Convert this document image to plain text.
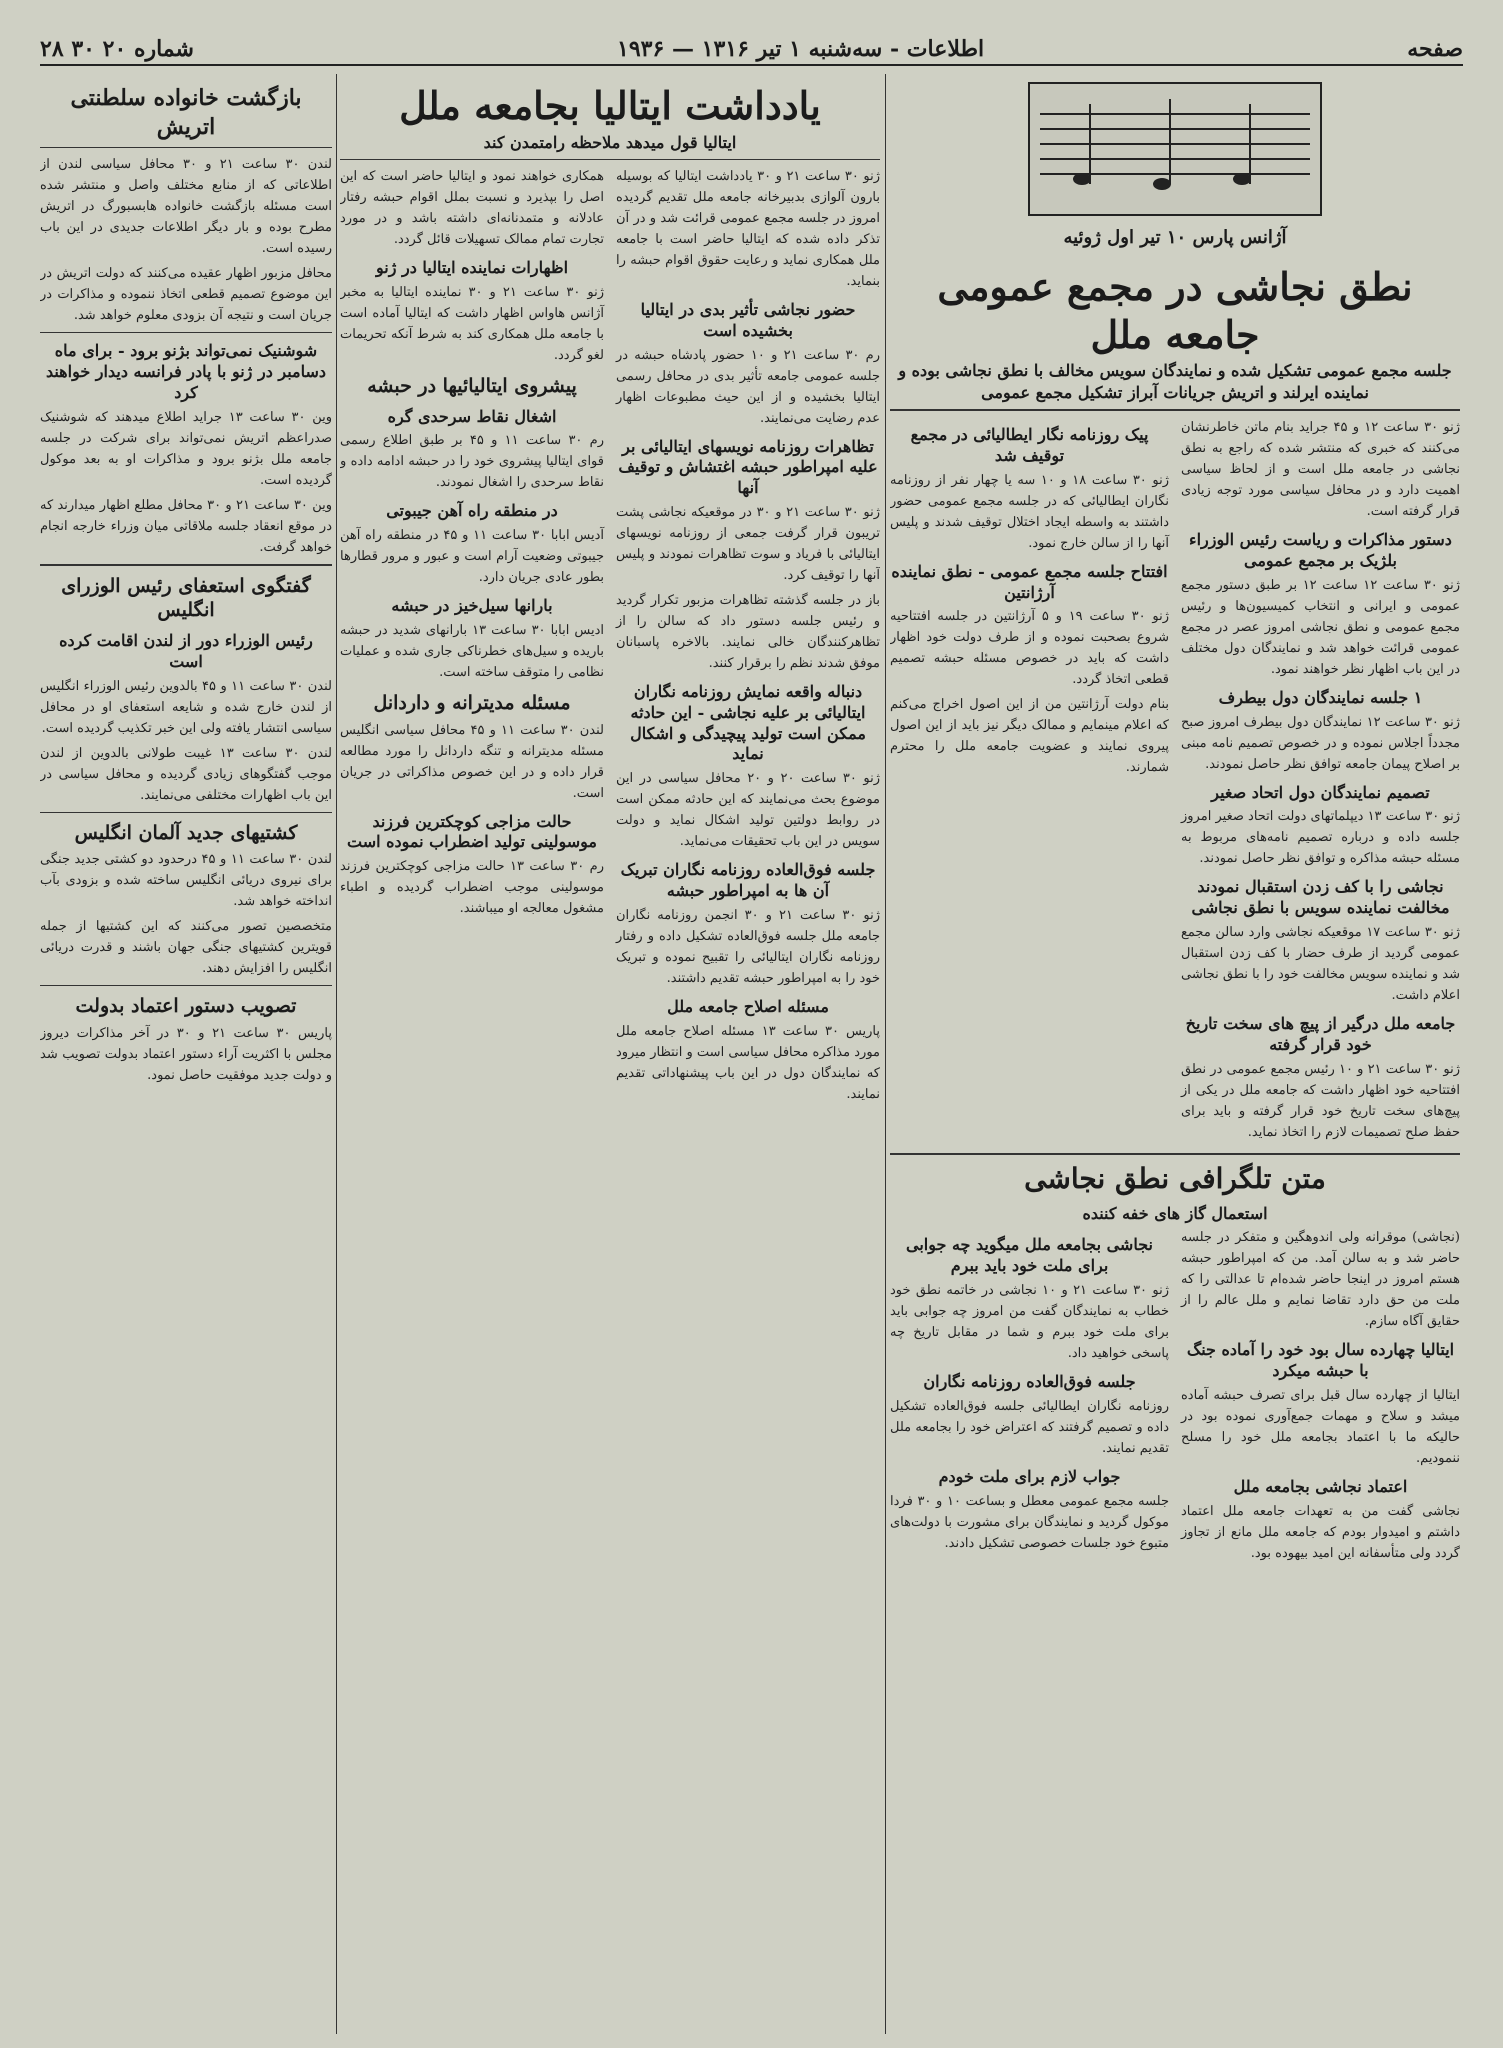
صفحه
اطلاعات - سه‌شنبه ۱ تیر ۱۳۱۶ — ۱۹۳۶
شماره ۲۰ ۳۰ ۲۸
آژانس پارس ۱۰ تیر اول ژوئیه
نطق نجاشی در مجمع عمومی جامعه ملل
جلسه مجمع عمومی تشکیل شده و نمایندگان سویس مخالف با نطق نجاشی بوده و نماینده ایرلند و اتریش جریانات آبراز تشکیل مجمع عمومی

ژنو ۳۰ ساعت ۱۲ و ۴۵ جراید بنام ماتن خاطرنشان می‌کنند که خبری که منتشر شده که راجع به نطق نجاشی در جامعه ملل است و از لحاظ سیاسی اهمیت دارد و در محافل سیاسی مورد توجه زیادی قرار گرفته است.

دستور مذاکرات و ریاست رئیس الوزراء بلژیک بر مجمع عمومی

ژنو ۳۰ ساعت ۱۲ ساعت ۱۲ بر طبق دستور مجمع عمومی و ایرانی و انتخاب کمیسیون‌ها و رئیس مجمع عمومی و نطق نجاشی امروز عصر در مجمع عمومی قرائت خواهد شد و نمایندگان دول مختلف در این باب اظهار نظر خواهند نمود.

۱ جلسه نمایندگان دول بیطرف

ژنو ۳۰ ساعت ۱۲ نمایندگان دول بیطرف امروز صبح مجدداً اجلاس نموده و در خصوص تصمیم نامه مبنی بر اصلاح پیمان جامعه توافق نظر حاصل نمودند.

تصمیم نمایندگان دول اتحاد صغیر

ژنو ۳۰ ساعت ۱۳ دیپلماتهای دولت اتحاد صغیر امروز جلسه داده و درباره تصمیم نامه‌های مربوط به مسئله حبشه مذاکره و توافق نظر حاصل نمودند.

نجاشی را با کف زدن استقبال نمودند مخالفت نماینده سویس با نطق نجاشی

ژنو ۳۰ ساعت ۱۷ موقعیکه نجاشی وارد سالن مجمع عمومی گردید از طرف حضار با کف زدن استقبال شد و نماینده سویس مخالفت خود را با نطق نجاشی اعلام داشت.

جامعه ملل درگیر از پیچ های سخت تاریخ خود قرار گرفته

ژنو ۳۰ ساعت ۲۱ و ۱۰ رئیس مجمع عمومی در نطق افتتاحیه خود اظهار داشت که جامعه ملل در یکی از پیچ‌های سخت تاریخ خود قرار گرفته و باید برای حفظ صلح تصمیمات لازم را اتخاذ نماید.

پیک روزنامه نگار ایطالیائی در مجمع توقیف شد

ژنو ۳۰ ساعت ۱۸ و ۱۰ سه یا چهار نفر از روزنامه نگاران ایطالیائی که در جلسه مجمع عمومی حضور داشتند به واسطه ایجاد اختلال توقیف شدند و پلیس آنها را از سالن خارج نمود.

افتتاح جلسه مجمع عمومی - نطق نماینده آرژانتین

ژنو ۳۰ ساعت ۱۹ و ۵ آرژانتین در جلسه افتتاحیه شروع بصحبت نموده و از طرف دولت خود اظهار داشت که باید در خصوص مسئله حبشه تصمیم قطعی اتخاذ گردد.

بنام دولت آرژانتین من از این اصول اخراج می‌کنم که اعلام مینمایم و ممالک دیگر نیز باید از این اصول پیروی نمایند و عضویت جامعه ملل را محترم شمارند.

متن تلگرافی نطق نجاشی
استعمال گاز های خفه کننده

(نجاشی) موقرانه ولی اندوهگین و متفکر در جلسه حاضر شد و به سالن آمد. من که امپراطور حبشه هستم امروز در اینجا حاضر شده‌ام تا عدالتی را که ملت من حق دارد تقاضا نمایم و ملل عالم را از حقایق آگاه سازم.

ایتالیا چهارده سال بود خود را آماده جنگ با حبشه میکرد

ایتالیا از چهارده سال قبل برای تصرف حبشه آماده میشد و سلاح و مهمات جمع‌آوری نموده بود در حالیکه ما با اعتماد بجامعه ملل خود را مسلح ننمودیم.

اعتماد نجاشی بجامعه ملل

نجاشی گفت من به تعهدات جامعه ملل اعتماد داشتم و امیدوار بودم که جامعه ملل مانع از تجاوز گردد ولی متأسفانه این امید بیهوده بود.

نجاشی بجامعه ملل میگوید چه جوابی برای ملت خود باید ببرم

ژنو ۳۰ ساعت ۲۱ و ۱۰ نجاشی در خاتمه نطق خود خطاب به نمایندگان گفت من امروز چه جوابی باید برای ملت خود ببرم و شما در مقابل تاریخ چه پاسخی خواهید داد.

جلسه فوق‌العاده روزنامه نگاران

روزنامه نگاران ایطالیائی جلسه فوق‌العاده تشکیل داده و تصمیم گرفتند که اعتراض خود را بجامعه ملل تقدیم نمایند.

جواب لازم برای ملت خودم

جلسه مجمع عمومی معطل و بساعت ۱۰ و ۳۰ فردا موکول گردید و نمایندگان برای مشورت با دولت‌های متبوع خود جلسات خصوصی تشکیل دادند.

یادداشت ایتالیا بجامعه ملل
ایتالیا قول میدهد ملاحظه رامتمدن کند

ژنو ۳۰ ساعت ۲۱ و ۳۰ یادداشت ایتالیا که بوسیله بارون آلوازی بدبیرخانه جامعه ملل تقدیم گردیده امروز در جلسه مجمع عمومی قرائت شد و در آن تذکر داده شده که ایتالیا حاضر است با جامعه ملل همکاری نماید و رعایت حقوق اقوام حبشه را بنماید.

حضور نجاشی تأثیر بدی در ایتالیا بخشیده است

رم ۳۰ ساعت ۲۱ و ۱۰ حضور پادشاه حبشه در جلسه عمومی جامعه تأثیر بدی در محافل رسمی ایتالیا بخشیده و از این حیث مطبوعات اظهار عدم رضایت می‌نمایند.

تظاهرات روزنامه نویسهای ایتالیائی بر علیه امپراطور حبشه اغتشاش و توقیف آنها

ژنو ۳۰ ساعت ۲۱ و ۳۰ در موقعیکه نجاشی پشت تریبون قرار گرفت جمعی از روزنامه نویسهای ایتالیائی با فریاد و سوت تظاهرات نمودند و پلیس آنها را توقیف کرد.

باز در جلسه گذشته تظاهرات مزبور تکرار گردید و رئیس جلسه دستور داد که سالن را از تظاهرکنندگان خالی نمایند. بالاخره پاسبانان موفق شدند نظم را برقرار کنند.

دنباله واقعه نمایش روزنامه نگاران ایتالیائی بر علیه نجاشی - این حادثه ممکن است تولید پیچیدگی و اشکال نماید

ژنو ۳۰ ساعت ۲۰ و ۲۰ محافل سیاسی در این موضوع بحث می‌نمایند که این حادثه ممکن است در روابط دولتین تولید اشکال نماید و دولت سویس در این باب تحقیقات می‌نماید.

جلسه فوق‌العاده روزنامه نگاران تبریک آن ها به امپراطور حبشه

ژنو ۳۰ ساعت ۲۱ و ۳۰ انجمن روزنامه نگاران جامعه ملل جلسه فوق‌العاده تشکیل داده و رفتار روزنامه نگاران ایتالیائی را تقبیح نموده و تبریک خود را به امپراطور حبشه تقدیم داشتند.

مسئله اصلاح جامعه ملل

پاریس ۳۰ ساعت ۱۳ مسئله اصلاح جامعه ملل مورد مذاکره محافل سیاسی است و انتظار میرود که نمایندگان دول در این باب پیشنهاداتی تقدیم نمایند.

همکاری خواهند نمود و ایتالیا حاضر است که این اصل را بپذیرد و نسبت بملل اقوام حبشه رفتار عادلانه و متمدنانه‌ای داشته باشد و در مورد تجارت تمام ممالک تسهیلات قائل گردد.

اظهارات نماینده ایتالیا در ژنو

ژنو ۳۰ ساعت ۲۱ و ۳۰ نماینده ایتالیا به مخبر آژانس هاواس اظهار داشت که ایتالیا آماده است با جامعه ملل همکاری کند به شرط آنکه تحریمات لغو گردد.

پیشروی ایتالیائیها در حبشه
اشغال نقاط سرحدی گره

رم ۳۰ ساعت ۱۱ و ۴۵ بر طبق اطلاع رسمی قوای ایتالیا پیشروی خود را در حبشه ادامه داده و نقاط سرحدی را اشغال نمودند.

در منطقه راه آهن جیبوتی

آدیس ابابا ۳۰ ساعت ۱۱ و ۴۵ در منطقه راه آهن جیبوتی وضعیت آرام است و عبور و مرور قطارها بطور عادی جریان دارد.

بارانها سیل‌خیز در حبشه

ادیس ابابا ۳۰ ساعت ۱۳ بارانهای شدید در حبشه باریده و سیل‌های خطرناکی جاری شده و عملیات نظامی را متوقف ساخته است.

مسئله مدیترانه و داردانل

لندن ۳۰ ساعت ۱۱ و ۴۵ محافل سیاسی انگلیس مسئله مدیترانه و تنگه داردانل را مورد مطالعه قرار داده و در این خصوص مذاکراتی در جریان است.

حالت مزاجی کوچکترین فرزند موسولینی تولید اضطراب نموده است

رم ۳۰ ساعت ۱۳ حالت مزاجی کوچکترین فرزند موسولینی موجب اضطراب گردیده و اطباء مشغول معالجه او میباشند.

بازگشت خانواده سلطنتی اتریش

لندن ۳۰ ساعت ۲۱ و ۳۰ محافل سیاسی لندن از اطلاعاتی که از منابع مختلف واصل و منتشر شده است مسئله بازگشت خانواده هابسبورگ در اتریش مطرح بوده و بار دیگر اطلاعات جدیدی در این باب رسیده است.

محافل مزبور اظهار عقیده می‌کنند که دولت اتریش در این موضوع تصمیم قطعی اتخاذ ننموده و مذاکرات در جریان است و نتیجه آن بزودی معلوم خواهد شد.

شوشنیک نمی‌تواند بژنو برود - برای ماه دسامبر در ژنو با پادر فرانسه دیدار خواهند کرد

وین ۳۰ ساعت ۱۳ جراید اطلاع میدهند که شوشنیک صدراعظم اتریش نمی‌تواند برای شرکت در جلسه جامعه ملل بژنو برود و مذاکرات او به بعد موکول گردیده است.

وین ۳۰ ساعت ۲۱ و ۳۰ محافل مطلع اظهار میدارند که در موقع انعقاد جلسه ملاقاتی میان وزراء خارجه انجام خواهد گرفت.

گفتگوی استعفای رئیس الوزرای انگلیس
رئیس الوزراء دور از لندن اقامت کرده است

لندن ۳۰ ساعت ۱۱ و ۴۵ بالدوین رئیس الوزراء انگلیس از لندن خارج شده و شایعه استعفای او در محافل سیاسی انتشار یافته ولی این خبر تکذیب گردیده است.

لندن ۳۰ ساعت ۱۳ غیبت طولانی بالدوین از لندن موجب گفتگوهای زیادی گردیده و محافل سیاسی در این باب اظهارات مختلفی می‌نمایند.

کشتیهای جدید آلمان انگلیس

لندن ۳۰ ساعت ۱۱ و ۴۵ درحدود دو کشتی جدید جنگی برای نیروی دریائی انگلیس ساخته شده و بزودی بآب انداخته خواهد شد.

متخصصین تصور می‌کنند که این کشتیها از جمله قویترین کشتیهای جنگی جهان باشند و قدرت دریائی انگلیس را افزایش دهند.

تصویب دستور اعتماد بدولت

پاریس ۳۰ ساعت ۲۱ و ۳۰ در آخر مذاکرات دیروز مجلس با اکثریت آراء دستور اعتماد بدولت تصویب شد و دولت جدید موفقیت حاصل نمود.
